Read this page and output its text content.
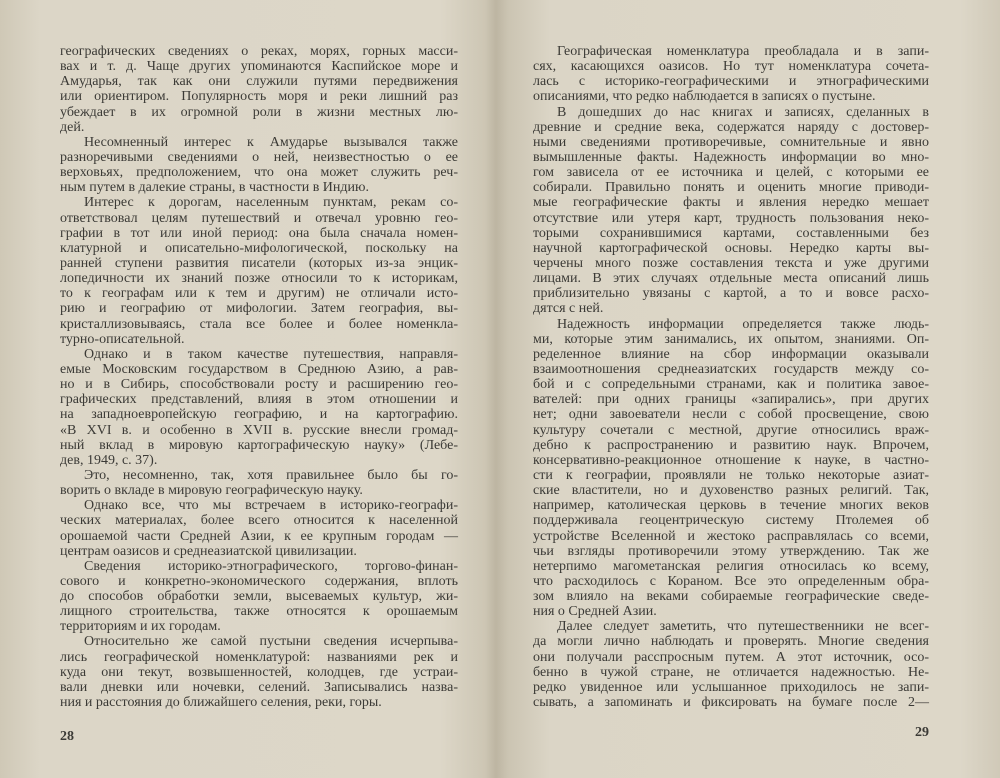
географических сведениях о реках, морях, горных масси-
вах и т. д. Чаще других упоминаются Каспийское море и
Амударья, так как они служили путями передвижения
или ориентиром. Популярность моря и реки лишний раз
убеждает в их огромной роли в жизни местных лю-
дей.
Несомненный интерес к Амударье вызывался также
разноречивыми сведениями о ней, неизвестностью о ее
верховьях, предположением, что она может служить реч-
ным путем в далекие страны, в частности в Индию.
Интерес к дорогам, населенным пунктам, рекам со-
ответствовал целям путешествий и отвечал уровню гео-
графии в тот или иной период: она была сначала номен-
клатурной и описательно-мифологической, поскольку на
ранней ступени развития писатели (которых из-за энцик-
лопедичности их знаний позже относили то к историкам,
то к географам или к тем и другим) не отличали исто-
рию и географию от мифологии. Затем география, вы-
кристаллизовываясь, стала все более и более номенкла-
турно-описательной.
Однако и в таком качестве путешествия, направля-
емые Московским государством в Среднюю Азию, а рав-
но и в Сибирь, способствовали росту и расширению гео-
графических представлений, влияя в этом отношении и
на западноевропейскую географию, и на картографию.
«В XVI в. и особенно в XVII в. русские внесли громад-
ный вклад в мировую картографическую науку» (Лебе-
дев, 1949, с. 37).
Это, несомненно, так, хотя правильнее было бы го-
ворить о вкладе в мировую географическую науку.
Однако все, что мы встречаем в историко-географи-
ческих материалах, более всего относится к населенной
орошаемой части Средней Азии, к ее крупным городам —
центрам оазисов и среднеазиатской цивилизации.
Сведения историко-этнографического, торгово-финан-
сового и конкретно-экономического содержания, вплоть
до способов обработки земли, высеваемых культур, жи-
лищного строительства, также относятся к орошаемым
территориям и их городам.
Относительно же самой пустыни сведения исчерпыва-
лись географической номенклатурой: названиями рек и
куда они текут, возвышенностей, колодцев, где устраи-
вали дневки или ночевки, селений. Записывались назва-
ния и расстояния до ближайшего селения, реки, горы.
Географическая номенклатура преобладала и в запи-
сях, касающихся оазисов. Но тут номенклатура сочета-
лась с историко-географическими и этнографическими
описаниями, что редко наблюдается в записях о пустыне.
В дошедших до нас книгах и записях, сделанных в
древние и средние века, содержатся наряду с достовер-
ными сведениями противоречивые, сомнительные и явно
вымышленные факты. Надежность информации во мно-
гом зависела от ее источника и целей, с которыми ее
собирали. Правильно понять и оценить многие приводи-
мые географические факты и явления нередко мешает
отсутствие или утеря карт, трудность пользования неко-
торыми сохранившимися картами, составленными без
научной картографической основы. Нередко карты вы-
черчены много позже составления текста и уже другими
лицами. В этих случаях отдельные места описаний лишь
приблизительно увязаны с картой, а то и вовсе расхо-
дятся с ней.
Надежность информации определяется также людь-
ми, которые этим занимались, их опытом, знаниями. Оп-
ределенное влияние на сбор информации оказывали
взаимоотношения среднеазиатских государств между со-
бой и с сопредельными странами, как и политика завое-
вателей: при одних границы «запирались», при других
нет; одни завоеватели несли с собой просвещение, свою
культуру сочетали с местной, другие относились враж-
дебно к распространению и развитию наук. Впрочем,
консервативно-реакционное отношение к науке, в частно-
сти к географии, проявляли не только некоторые азиат-
ские властители, но и духовенство разных религий. Так,
например, католическая церковь в течение многих веков
поддерживала геоцентрическую систему Птолемея об
устройстве Вселенной и жестоко расправлялась со всеми,
чьи взгляды противоречили этому утверждению. Так же
нетерпимо магометанская религия относилась ко всему,
что расходилось с Кораном. Все это определенным обра-
зом влияло на веками собираемые географические сведе-
ния о Средней Азии.
Далее следует заметить, что путешественники не всег-
да могли лично наблюдать и проверять. Многие сведения
они получали расспросным путем. А этот источник, осо-
бенно в чужой стране, не отличается надежностью. Не-
редко увиденное или услышанное приходилось не запи-
сывать, а запоминать и фиксировать на бумаге после 2—
28	29
